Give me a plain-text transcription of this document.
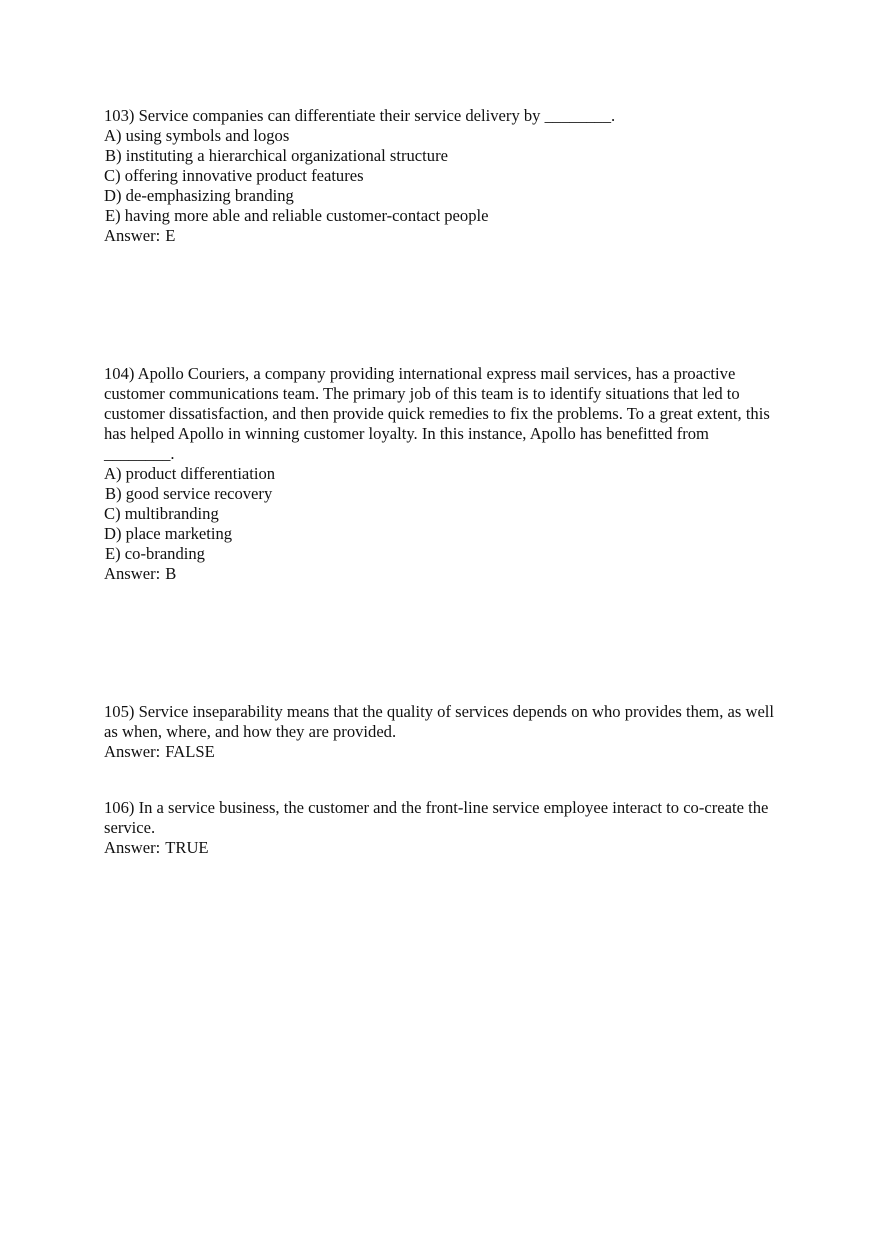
103) Service companies can differentiate their service delivery by ________.
A) using symbols and logos
B) instituting a hierarchical organizational structure
C) offering innovative product features
D) de-emphasizing branding
E) having more able and reliable customer-contact people
Answer: E
104) Apollo Couriers, a company providing international express mail services, has a proactive customer communications team. The primary job of this team is to identify situations that led to customer dissatisfaction, and then provide quick remedies to fix the problems. To a great extent, this has helped Apollo in winning customer loyalty. In this instance, Apollo has benefitted from ________.
A) product differentiation
B) good service recovery
C) multibranding
D) place marketing
E) co-branding
Answer: B
105) Service inseparability means that the quality of services depends on who provides them, as well as when, where, and how they are provided.
Answer: FALSE
106) In a service business, the customer and the front-line service employee interact to co-create the service.
Answer: TRUE
